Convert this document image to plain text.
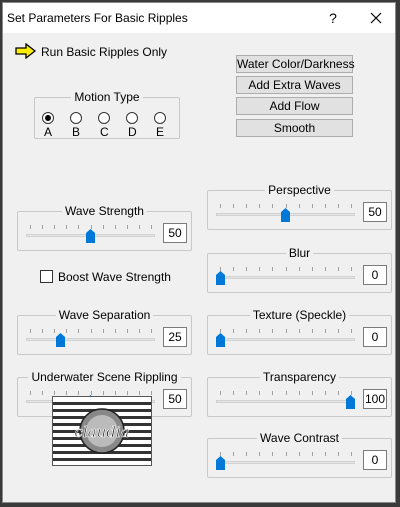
Set Parameters For Basic Ripples	?
Run Basic Ripples Only
Water Color/Darkness
Add Extra Waves
Add Flow
Smooth
Motion Type
A B C D E
Wave Strength
50
Boost Wave Strength
Wave Separation
25
Underwater Scene Rippling
50
Perspective
50
Blur
0
Texture (Speckle)
0
Transparency
100
Wave Contrast
0
claudia
